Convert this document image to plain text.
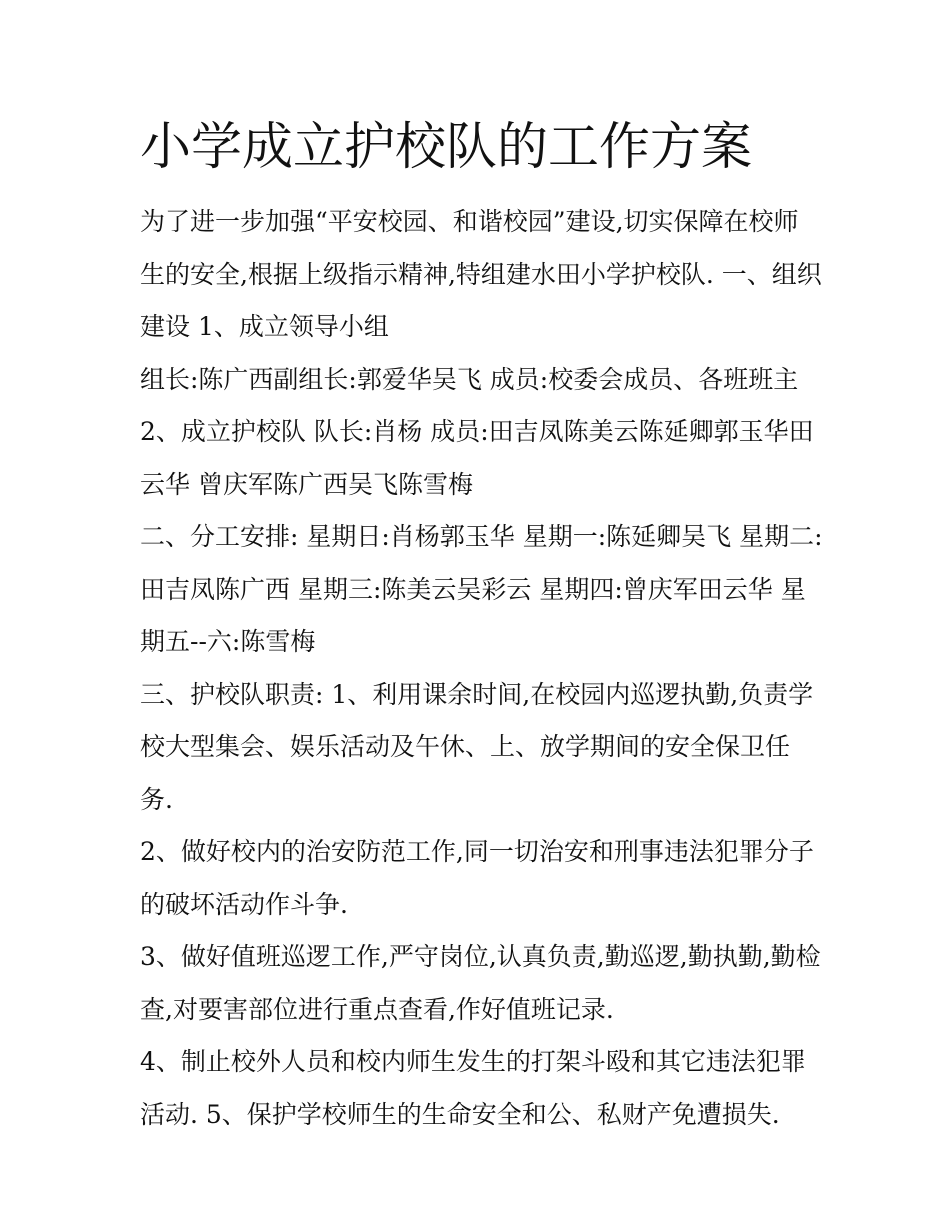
小学成立护校队的工作方案
为了进一步加强“平安校园、和谐校园”建设,切实保障在校师
生的安全,根据上级指示精神,特组建水田小学护校队. 一、组织
建设 1、成立领导小组
组长:陈广西副组长:郭爱华吴飞 成员:校委会成员、各班班主
2、成立护校队 队长:肖杨 成员:田吉凤陈美云陈延卿郭玉华田
云华 曾庆军陈广西吴飞陈雪梅
二、分工安排: 星期日:肖杨郭玉华 星期一:陈延卿吴飞 星期二:
田吉凤陈广西 星期三:陈美云吴彩云 星期四:曾庆军田云华 星
期五--六:陈雪梅
三、护校队职责: 1、利用课余时间,在校园内巡逻执勤,负责学
校大型集会、娱乐活动及午休、上、放学期间的安全保卫任
务.
2、做好校内的治安防范工作,同一切治安和刑事违法犯罪分子
的破坏活动作斗争.
3、做好值班巡逻工作,严守岗位,认真负责,勤巡逻,勤执勤,勤检
查,对要害部位进行重点查看,作好值班记录.
4、制止校外人员和校内师生发生的打架斗殴和其它违法犯罪
活动. 5、保护学校师生的生命安全和公、私财产免遭损失.
